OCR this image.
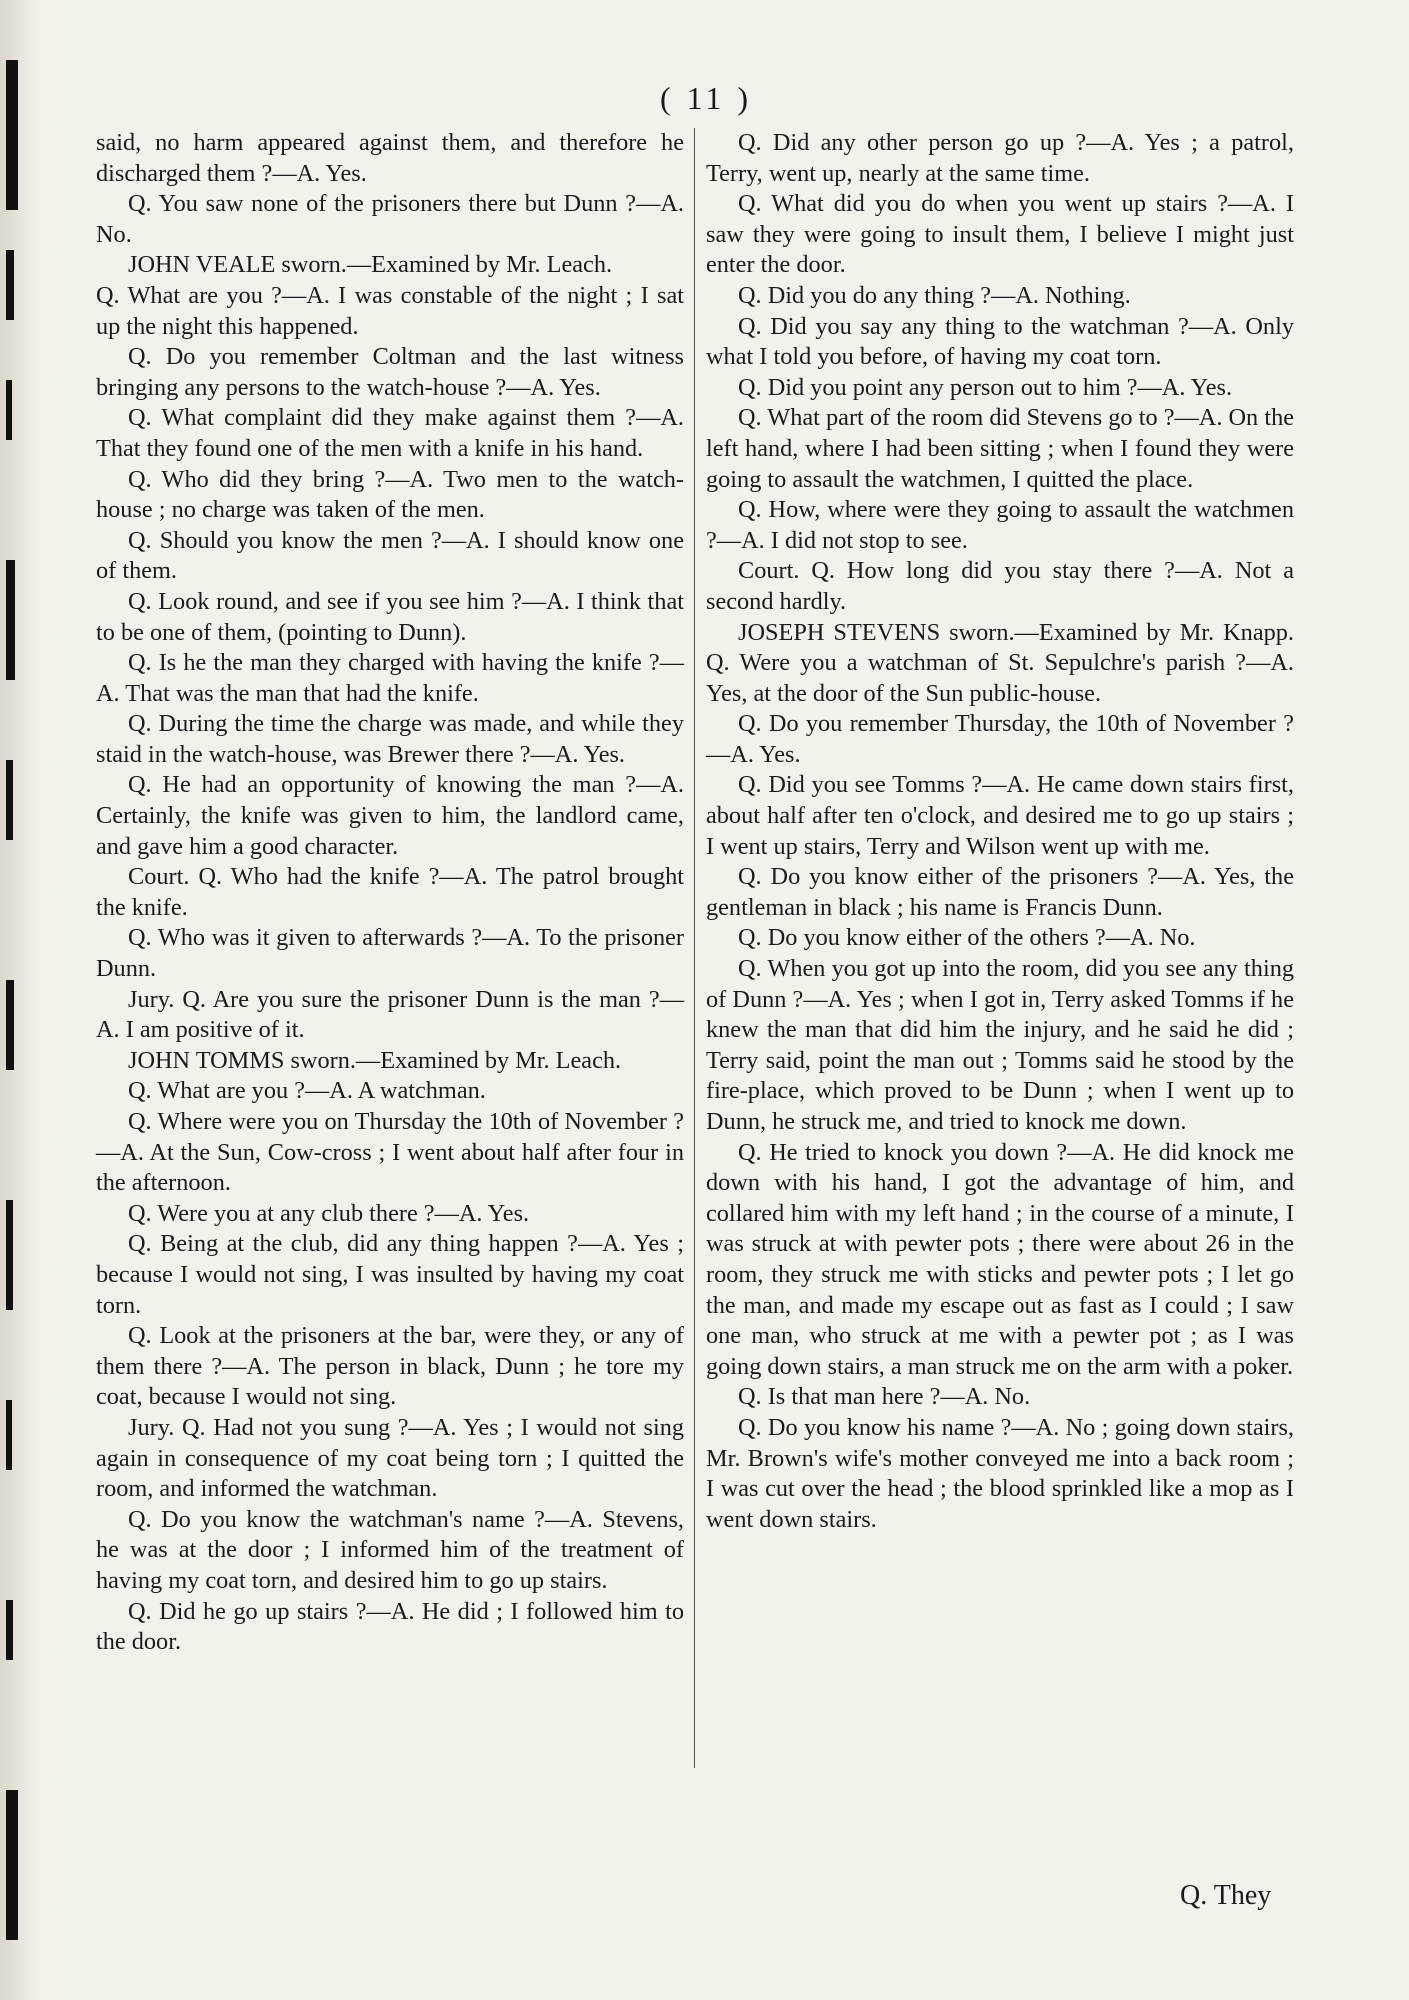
( 11 )

said, no harm appeared against them, and therefore he discharged them ?—A. Yes.

Q. You saw none of the prisoners there but Dunn ?—A. No.

JOHN VEALE sworn.—Examined by Mr. Leach.

Q. What are you ?—A. I was constable of the night ; I sat up the night this happened.

Q. Do you remember Coltman and the last witness bringing any persons to the watch-house ?—A. Yes.

Q. What complaint did they make against them ?—A. That they found one of the men with a knife in his hand.

Q. Who did they bring ?—A. Two men to the watch-house ; no charge was taken of the men.

Q. Should you know the men ?—A. I should know one of them.

Q. Look round, and see if you see him ?—A. I think that to be one of them, (pointing to Dunn).

Q. Is he the man they charged with having the knife ?—A. That was the man that had the knife.

Q. During the time the charge was made, and while they staid in the watch-house, was Brewer there ?—A. Yes.

Q. He had an opportunity of knowing the man ?—A. Certainly, the knife was given to him, the landlord came, and gave him a good character.

Court. Q. Who had the knife ?—A. The patrol brought the knife.

Q. Who was it given to afterwards ?—A. To the prisoner Dunn.

Jury. Q. Are you sure the prisoner Dunn is the man ?—A. I am positive of it.

JOHN TOMMS sworn.—Examined by Mr. Leach.

Q. What are you ?—A. A watchman.

Q. Where were you on Thursday the 10th of November ?—A. At the Sun, Cow-cross ; I went about half after four in the afternoon.

Q. Were you at any club there ?—A. Yes.

Q. Being at the club, did any thing happen ?—A. Yes ; because I would not sing, I was insulted by having my coat torn.

Q. Look at the prisoners at the bar, were they, or any of them there ?—A. The person in black, Dunn ; he tore my coat, because I would not sing.

Jury. Q. Had not you sung ?—A. Yes ; I would not sing again in consequence of my coat being torn ; I quitted the room, and informed the watchman.

Q. Do you know the watchman's name ?—A. Stevens, he was at the door ; I informed him of the treatment of having my coat torn, and desired him to go up stairs.

Q. Did he go up stairs ?—A. He did ; I followed him to the door.

Q. Did any other person go up ?—A. Yes ; a patrol, Terry, went up, nearly at the same time.

Q. What did you do when you went up stairs ?—A. I saw they were going to insult them, I believe I might just enter the door.

Q. Did you do any thing ?—A. Nothing.

Q. Did you say any thing to the watchman ?—A. Only what I told you before, of having my coat torn.

Q. Did you point any person out to him ?—A. Yes.

Q. What part of the room did Stevens go to ?—A. On the left hand, where I had been sitting ; when I found they were going to assault the watchmen, I quitted the place.

Q. How, where were they going to assault the watchmen ?—A. I did not stop to see.

Court. Q. How long did you stay there ?—A. Not a second hardly.

JOSEPH STEVENS sworn.—Examined by Mr. Knapp. Q. Were you a watchman of St. Sepulchre's parish ?—A. Yes, at the door of the Sun public-house.

Q. Do you remember Thursday, the 10th of November ?—A. Yes.

Q. Did you see Tomms ?—A. He came down stairs first, about half after ten o'clock, and desired me to go up stairs ; I went up stairs, Terry and Wilson went up with me.

Q. Do you know either of the prisoners ?—A. Yes, the gentleman in black ; his name is Francis Dunn.

Q. Do you know either of the others ?—A. No.

Q. When you got up into the room, did you see any thing of Dunn ?—A. Yes ; when I got in, Terry asked Tomms if he knew the man that did him the injury, and he said he did ; Terry said, point the man out ; Tomms said he stood by the fire-place, which proved to be Dunn ; when I went up to Dunn, he struck me, and tried to knock me down.

Q. He tried to knock you down ?—A. He did knock me down with his hand, I got the advantage of him, and collared him with my left hand ; in the course of a minute, I was struck at with pewter pots ; there were about 26 in the room, they struck me with sticks and pewter pots ; I let go the man, and made my escape out as fast as I could ; I saw one man, who struck at me with a pewter pot ; as I was going down stairs, a man struck me on the arm with a poker.

Q. Is that man here ?—A. No.

Q. Do you know his name ?—A. No ; going down stairs, Mr. Brown's wife's mother conveyed me into a back room ; I was cut over the head ; the blood sprinkled like a mop as I went down stairs.

Q. They
